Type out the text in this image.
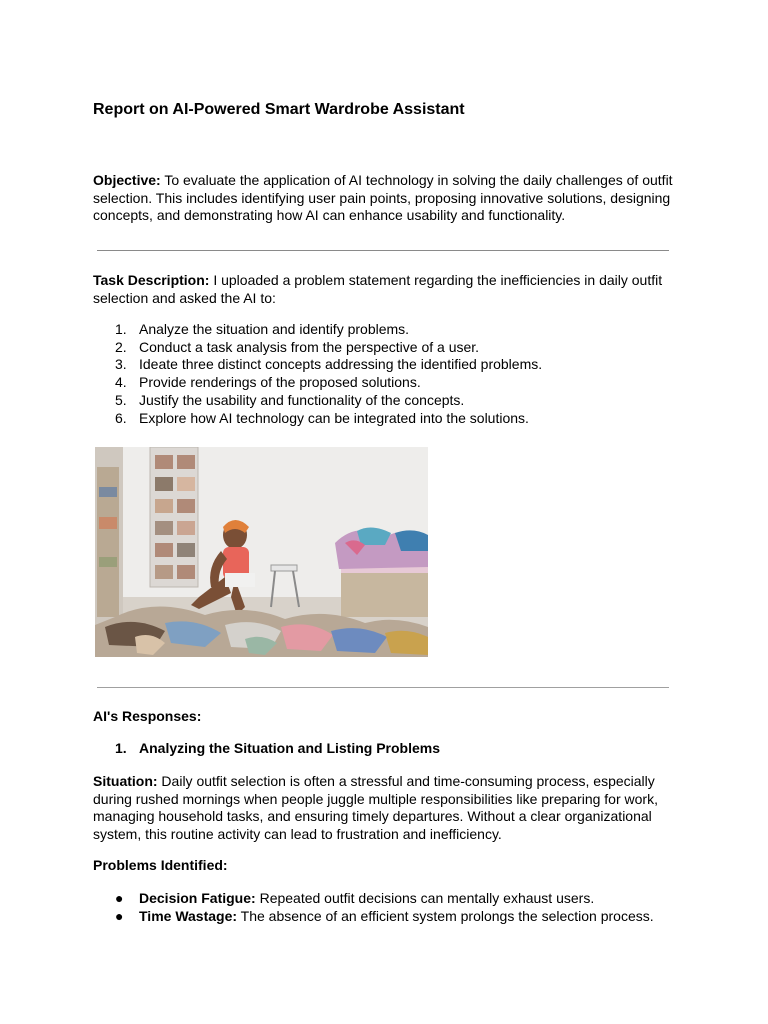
Report on AI-Powered Smart Wardrobe Assistant

Objective: To evaluate the application of AI technology in solving the daily challenges of outfit selection. This includes identifying user pain points, proposing innovative solutions, designing concepts, and demonstrating how AI can enhance usability and functionality.

Task Description: I uploaded a problem statement regarding the inefficiencies in daily outfit selection and asked the AI to:

1. Analyze the situation and identify problems.
2. Conduct a task analysis from the perspective of a user.
3. Ideate three distinct concepts addressing the identified problems.
4. Provide renderings of the proposed solutions.
5. Justify the usability and functionality of the concepts.
6. Explore how AI technology can be integrated into the solutions.

AI's Responses:

1. Analyzing the Situation and Listing Problems

Situation: Daily outfit selection is often a stressful and time-consuming process, especially during rushed mornings when people juggle multiple responsibilities like preparing for work, managing household tasks, and ensuring timely departures. Without a clear organizational system, this routine activity can lead to frustration and inefficiency.

Problems Identified:

● Decision Fatigue: Repeated outfit decisions can mentally exhaust users.
● Time Wastage: The absence of an efficient system prolongs the selection process.
